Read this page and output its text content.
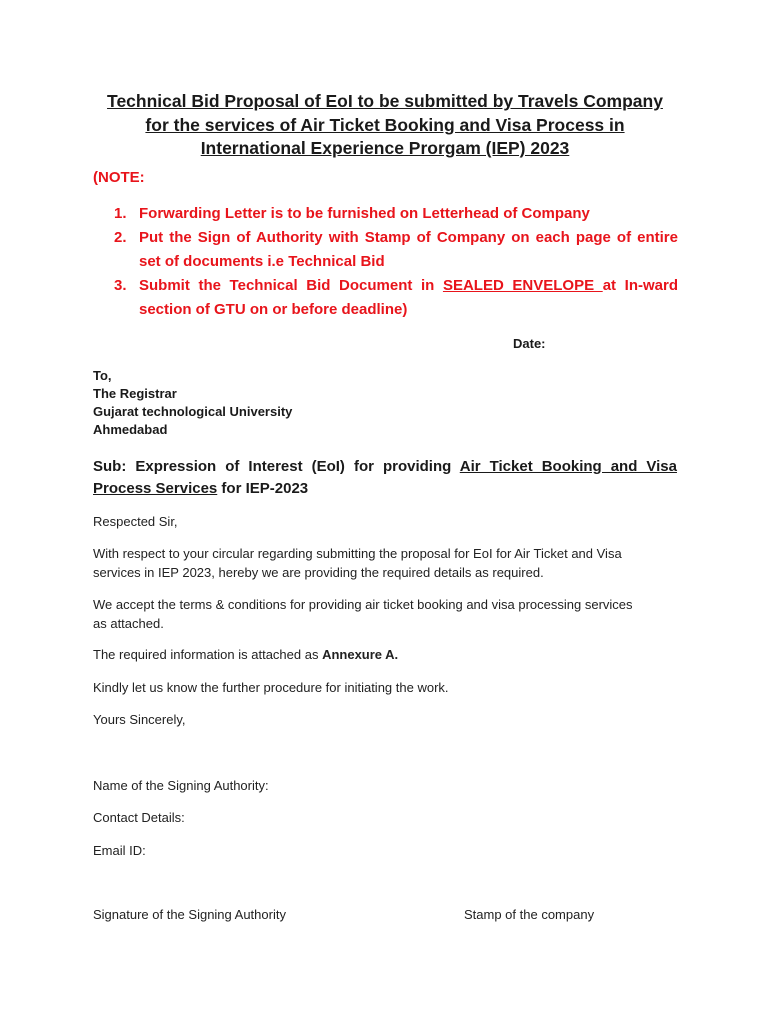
Technical Bid Proposal of EoI to be submitted by Travels Company
for the services of Air Ticket Booking and Visa Process in
International Experience Prorgam (IEP) 2023
(NOTE:
1. Forwarding Letter is to be furnished on Letterhead of Company
2. Put the Sign of Authority with Stamp of Company on each page of entire
set of documents i.e Technical Bid
3. Submit the Technical Bid Document in SEALED ENVELOPE at In-ward
section of GTU on or before deadline)
Date:
To,
The Registrar
Gujarat technological University
Ahmedabad
Sub: Expression of Interest (EoI) for providing Air Ticket Booking and Visa
Process Services for IEP-2023
Respected Sir,
With respect to your circular regarding submitting the proposal for EoI for Air Ticket and Visa
services in IEP 2023, hereby we are providing the required details as required.
We accept the terms & conditions for providing air ticket booking and visa processing services
as attached.
The required information is attached as Annexure A.
Kindly let us know the further procedure for initiating the work.
Yours Sincerely,
Name of the Signing Authority:
Contact Details:
Email ID:
Signature of the Signing Authority	Stamp of the company
